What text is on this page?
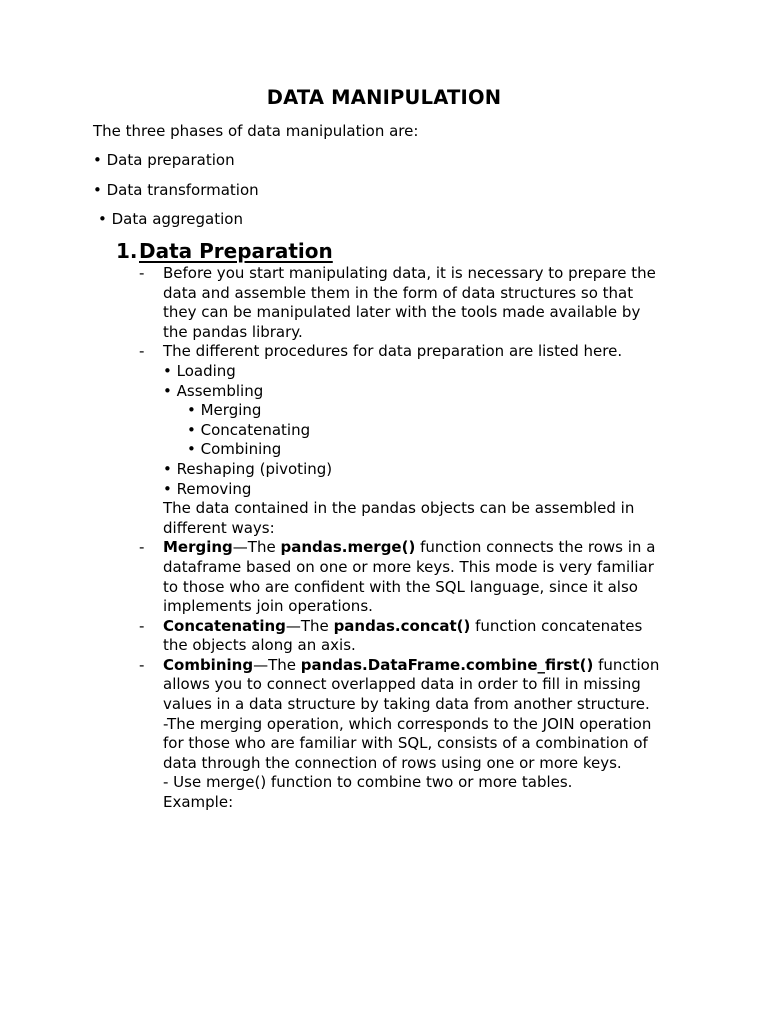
DATA MANIPULATION

The three phases of data manipulation are:

• Data preparation

• Data transformation

• Data aggregation

1.Data Preparation
- Before you start manipulating data, it is necessary to prepare the
data and assemble them in the form of data structures so that
they can be manipulated later with the tools made available by
the pandas library.
- The different procedures for data preparation are listed here.
• Loading
• Assembling
• Merging
• Concatenating
• Combining
• Reshaping (pivoting)
• Removing
The data contained in the pandas objects can be assembled in
different ways:
- Merging—The pandas.merge() function connects the rows in a
dataframe based on one or more keys. This mode is very familiar
to those who are confident with the SQL language, since it also
implements join operations.
- Concatenating—The pandas.concat() function concatenates
the objects along an axis.
- Combining—The pandas.DataFrame.combine_first() function
allows you to connect overlapped data in order to fill in missing
values in a data structure by taking data from another structure.
-The merging operation, which corresponds to the JOIN operation
for those who are familiar with SQL, consists of a combination of
data through the connection of rows using one or more keys.
- Use merge() function to combine two or more tables.
Example:
